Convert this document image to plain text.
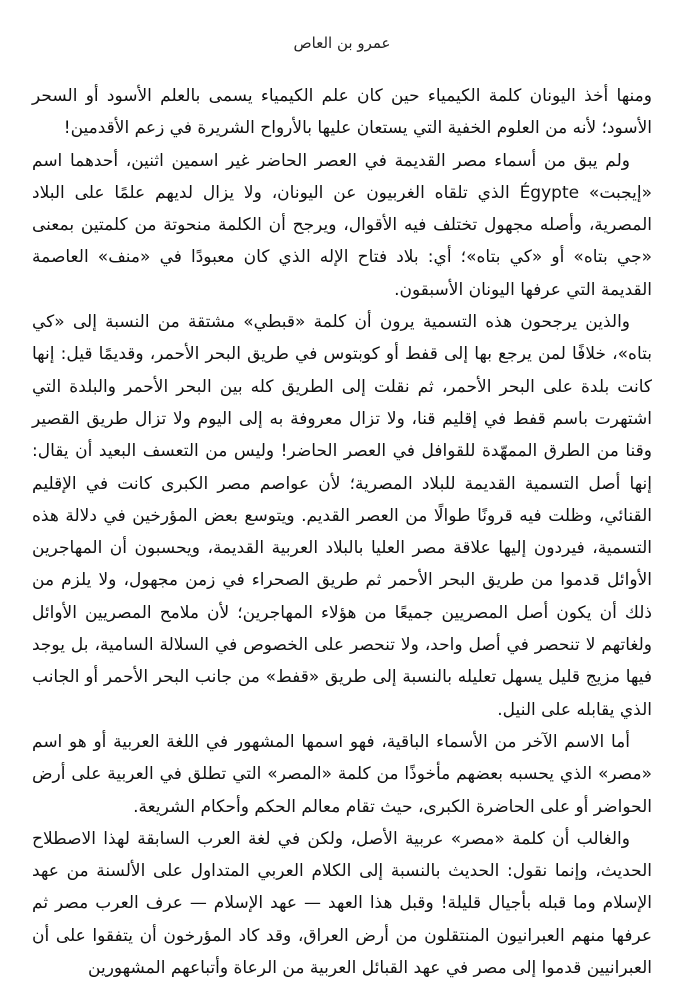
عمرو بن العاص

ومنها أخذ اليونان كلمة الكيمياء حين كان علم الكيمياء يسمى بالعلم الأسود أو السحر الأسود؛ لأنه من العلوم الخفية التي يستعان عليها بالأرواح الشريرة في زعم الأقدمين!

ولم يبق من أسماء مصر القديمة في العصر الحاضر غير اسمين اثنين، أحدهما اسم «إيجبت» Égypte الذي تلقاه الغربيون عن اليونان، ولا يزال لديهم علمًا على البلاد المصرية، وأصله مجهول تختلف فيه الأقوال، ويرجح أن الكلمة منحوتة من كلمتين بمعنى «جي بتاه» أو «كي بتاه»؛ أي: بلاد فتاح الإله الذي كان معبودًا في «منف» العاصمة القديمة التي عرفها اليونان الأسبقون.

والذين يرجحون هذه التسمية يرون أن كلمة «قبطي» مشتقة من النسبة إلى «كي بتاه»، خلافًا لمن يرجع بها إلى قفط أو كوبتوس في طريق البحر الأحمر، وقديمًا قيل: إنها كانت بلدة على البحر الأحمر، ثم نقلت إلى الطريق كله بين البحر الأحمر والبلدة التي اشتهرت باسم قفط في إقليم قنا، ولا تزال معروفة به إلى اليوم ولا تزال طريق القصير وقنا من الطرق الممهّدة للقوافل في العصر الحاضر! وليس من التعسف البعيد أن يقال: إنها أصل التسمية القديمة للبلاد المصرية؛ لأن عواصم مصر الكبرى كانت في الإقليم القنائي، وظلت فيه قرونًا طوالًا من العصر القديم. ويتوسع بعض المؤرخين في دلالة هذه التسمية، فيردون إليها علاقة مصر العليا بالبلاد العربية القديمة، ويحسبون أن المهاجرين الأوائل قدموا من طريق البحر الأحمر ثم طريق الصحراء في زمن مجهول، ولا يلزم من ذلك أن يكون أصل المصريين جميعًا من هؤلاء المهاجرين؛ لأن ملامح المصريين الأوائل ولغاتهم لا تنحصر في أصل واحد، ولا تنحصر على الخصوص في السلالة السامية، بل يوجد فيها مزيج قليل يسهل تعليله بالنسبة إلى طريق «قفط» من جانب البحر الأحمر أو الجانب الذي يقابله على النيل.

أما الاسم الآخر من الأسماء الباقية، فهو اسمها المشهور في اللغة العربية أو هو اسم «مصر» الذي يحسبه بعضهم مأخوذًا من كلمة «المصر» التي تطلق في العربية على أرض الحواضر أو على الحاضرة الكبرى، حيث تقام معالم الحكم وأحكام الشريعة.

والغالب أن كلمة «مصر» عربية الأصل، ولكن في لغة العرب السابقة لهذا الاصطلاح الحديث، وإنما نقول: الحديث بالنسبة إلى الكلام العربي المتداول على الألسنة من عهد الإسلام وما قبله بأجيال قليلة! وقبل هذا العهد — عهد الإسلام — عرف العرب مصر ثم عرفها منهم العبرانيون المنتقلون من أرض العراق، وقد كاد المؤرخون أن يتفقوا على أن العبرانيين قدموا إلى مصر في عهد القبائل العربية من الرعاة وأتباعهم المشهورين
